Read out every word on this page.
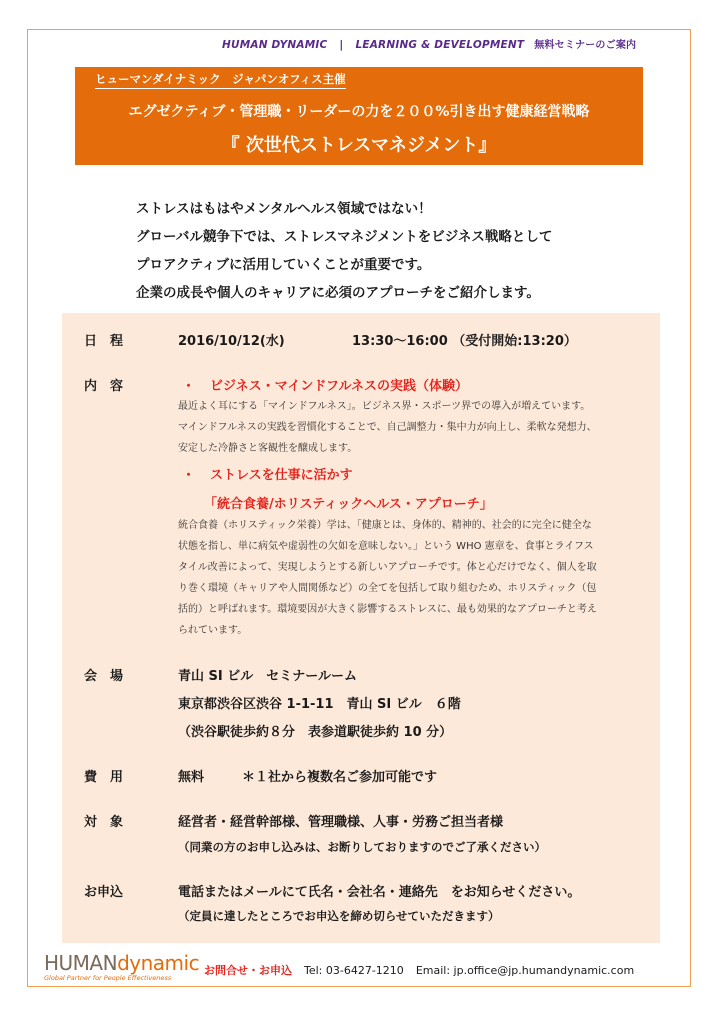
HUMAN DYNAMIC | LEARNING & DEVELOPMENT 無料セミナーのご案内
ヒューマンダイナミック　ジャパンオフィス主催
エグゼクティブ・管理職・リーダーの力を２００%引き出す健康経営戦略
『 次世代ストレスマネジメント』
ストレスはもはやメンタルヘルス領域ではない！
グローバル競争下では、ストレスマネジメントをビジネス戦略として
プロアクティブに活用していくことが重要です。
企業の成長や個人のキャリアに必須のアプローチをご紹介します。
日　程	2016/10/12(水)	13:30～16:00 （受付開始:13:20）
内　容	・ ビジネス・マインドフルネスの実践（体験）
最近よく耳にする「マインドフルネス」。ビジネス界・スポーツ界での導入が増えています。
マインドフルネスの実践を習慣化することで、自己調整力・集中力が向上し、柔軟な発想力、
安定した冷静さと客観性を醸成します。
・ ストレスを仕事に活かす
「統合食養/ホリスティックヘルス・アプローチ」
統合食養（ホリスティック栄養）学は、「健康とは、身体的、精神的、社会的に完全に健全な
状態を指し、単に病気や虚弱性の欠如を意味しない。」という WHO 憲章を、食事とライフス
タイル改善によって、実現しようとする新しいアプローチです。体と心だけでなく、個人を取
り巻く環境（キャリアや人間関係など）の全てを包括して取り組むため、ホリスティック（包
括的）と呼ばれます。環境要因が大きく影響するストレスに、最も効果的なアプローチと考え
られています。
会　場	青山 SI ビル　セミナールーム
東京都渋谷区渋谷 1-1-11　青山 SI ビル　６階
（渋谷駅徒歩約８分　表参道駅徒歩約 10 分）
費　用	無料	＊１社から複数名ご参加可能です
対　象	経営者・経営幹部様、管理職様、人事・労務ご担当者様
（同業の方のお申し込みは、お断りしておりますのでご了承ください）
お申込	電話またはメールにて氏名・会社名・連絡先　をお知らせください。
（定員に達したところでお申込を締め切らせていただきます）
HUMANdynamic
Global Partner for People Effectiveness
お問合せ・お申込 Tel: 03-6427-1210 Email: jp.office@jp.humandynamic.com
